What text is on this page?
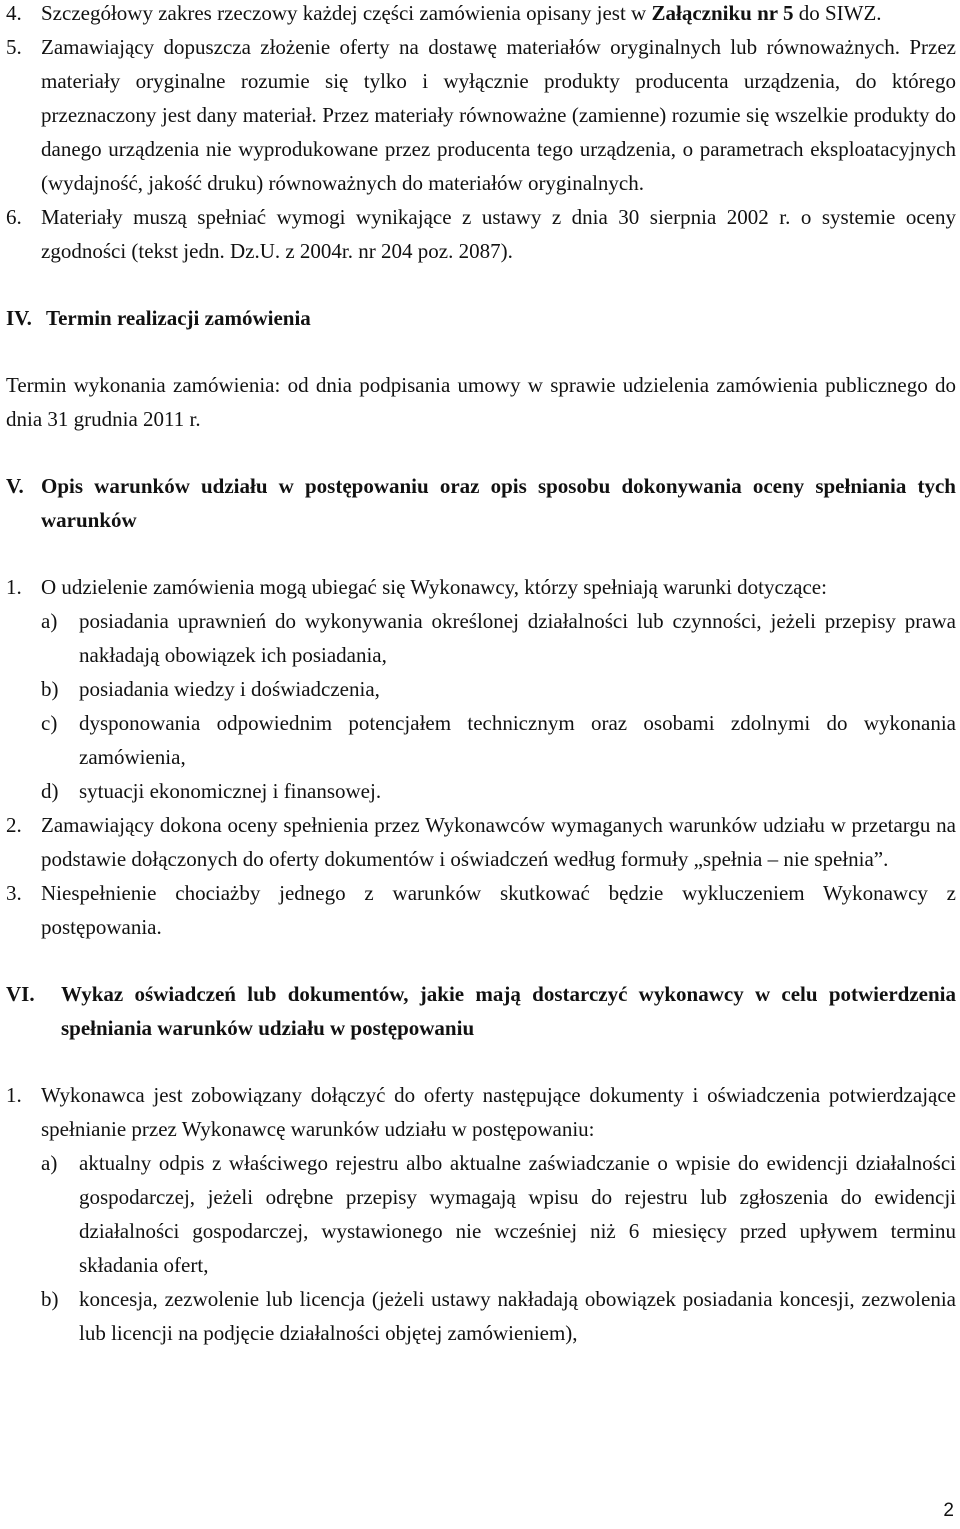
4. Szczegółowy zakres rzeczowy każdej części zamówienia opisany jest w Załączniku nr 5 do SIWZ.
5. Zamawiający dopuszcza złożenie oferty na dostawę materiałów oryginalnych lub równoważnych. Przez materiały oryginalne rozumie się tylko i wyłącznie produkty producenta urządzenia, do którego przeznaczony jest dany materiał. Przez materiały równoważne (zamienne) rozumie się wszelkie produkty do danego urządzenia nie wyprodukowane przez producenta tego urządzenia, o parametrach eksploatacyjnych (wydajność, jakość druku) równoważnych do materiałów oryginalnych.
6. Materiały muszą spełniać wymogi wynikające z ustawy z dnia 30 sierpnia 2002 r. o systemie oceny zgodności (tekst jedn. Dz.U. z 2004r. nr 204 poz. 2087).
IV. Termin realizacji zamówienia
Termin wykonania zamówienia: od dnia podpisania umowy w sprawie udzielenia zamówienia publicznego do dnia 31 grudnia 2011 r.
V. Opis warunków udziału w postępowaniu oraz opis sposobu dokonywania oceny spełniania tych warunków
1. O udzielenie zamówienia mogą ubiegać się Wykonawcy, którzy spełniają warunki dotyczące:
a)	posiadania uprawnień do wykonywania określonej działalności lub czynności, jeżeli przepisy prawa nakładają obowiązek ich posiadania,
b) posiadania wiedzy i doświadczenia,
c)	dysponowania odpowiednim potencjałem technicznym oraz osobami zdolnymi do wykonania zamówienia,
d) sytuacji ekonomicznej i finansowej.
2. Zamawiający dokona oceny spełnienia przez Wykonawców wymaganych warunków udziału w przetargu na podstawie dołączonych do oferty dokumentów i oświadczeń według formuły „spełnia – nie spełnia”.
3. Niespełnienie chociażby jednego z warunków skutkować będzie wykluczeniem Wykonawcy z postępowania.
VI.	Wykaz oświadczeń lub dokumentów, jakie mają dostarczyć wykonawcy w celu potwierdzenia spełniania warunków udziału w postępowaniu
1. Wykonawca jest zobowiązany dołączyć do oferty następujące dokumenty i oświadczenia potwierdzające spełnianie przez Wykonawcę warunków udziału w postępowaniu:
a)	aktualny odpis z właściwego rejestru albo aktualne zaświadczanie o wpisie do ewidencji działalności gospodarczej, jeżeli odrębne przepisy wymagają wpisu do rejestru lub zgłoszenia do ewidencji działalności gospodarczej, wystawionego nie wcześniej niż 6 miesięcy przed upływem terminu składania ofert,
b) koncesja, zezwolenie lub licencja (jeżeli ustawy nakładają obowiązek posiadania koncesji, zezwolenia lub licencji na podjęcie działalności objętej zamówieniem),
2
